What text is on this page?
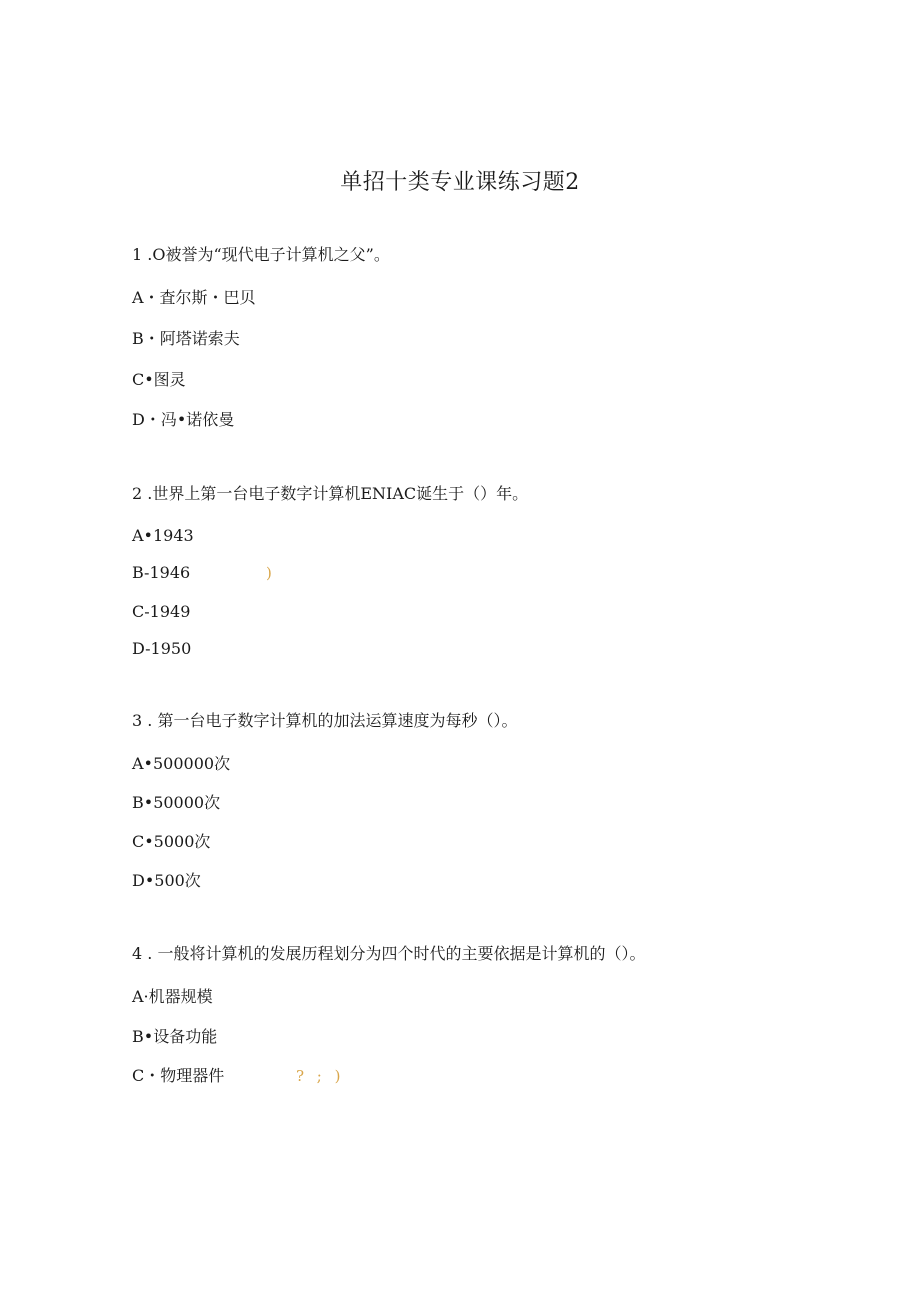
单招十类专业课练习题2
1 .O被誉为“现代电子计算机之父”。
A・査尔斯・巴贝
B・阿塔诺索夫
C•图灵
D・冯•诺依曼
2 .世界上第一台电子数字计算机ENIAC诞生于（）年。
A•1943
B-1946	)
C-1949
D-1950
3 . 第一台电子数字计算机的加法运算速度为每秒（）。
A•500000次
B•50000次
C•5000次
D•500次
4 . 一般将计算机的发展历程划分为四个时代的主要依据是计算机的（）。
A·机器规模
B•设备功能
C・物理器件	? ; )
